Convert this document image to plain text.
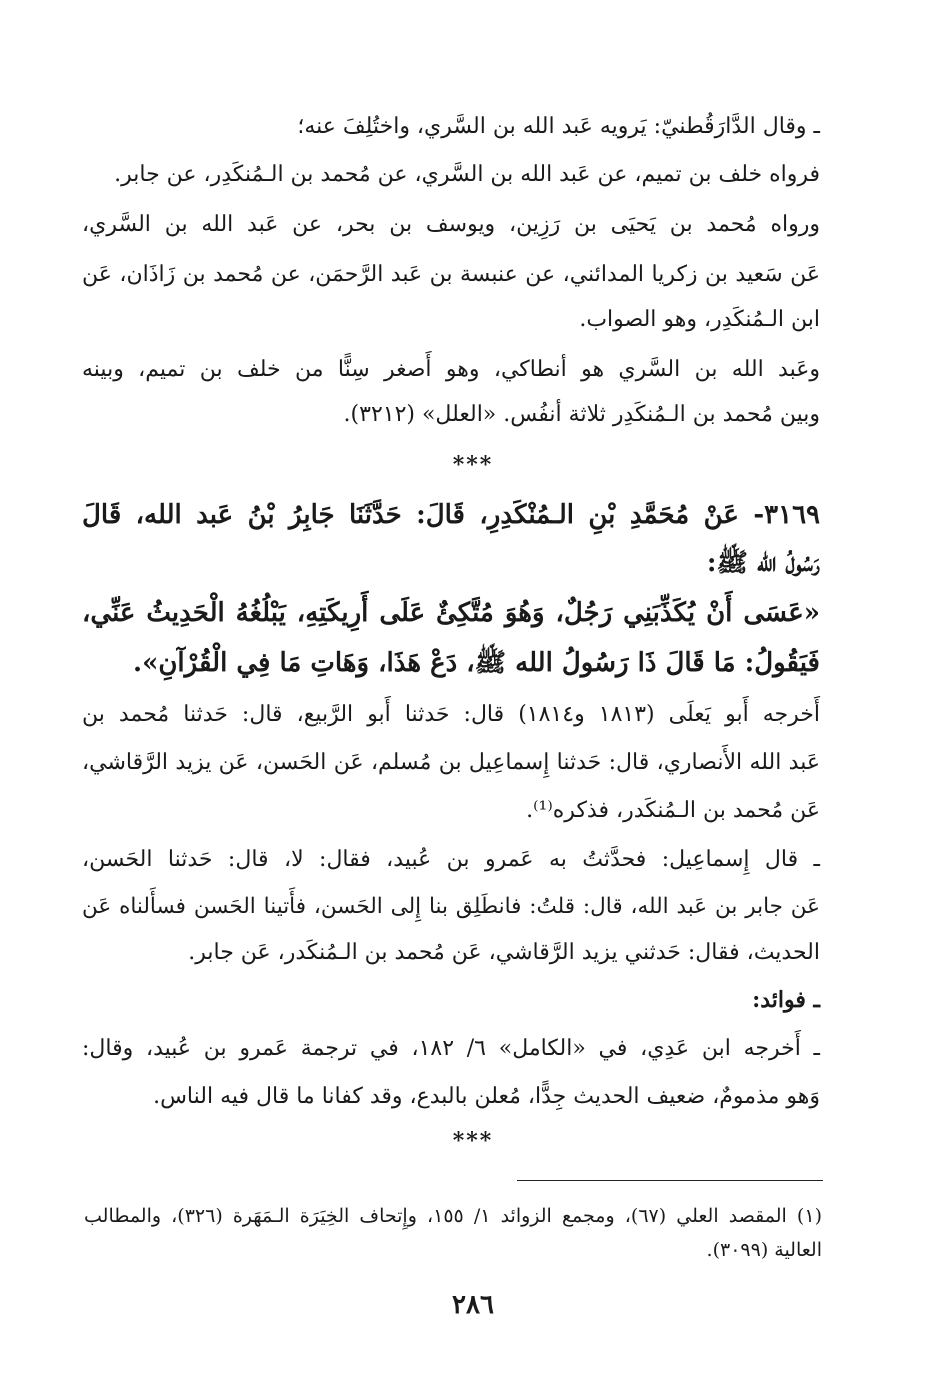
ـ وقال الدَّارَقُطنيّ: يَرويه عَبد الله بن السَّري، واختُلِفَ عنه؛
فرواه خلف بن تميم، عن عَبد الله بن السَّري، عن مُحمد بن الـمُنكَدِر، عن جابر.
ورواه مُحمد بن يَحيَى بن رَزِين، ويوسف بن بحر، عن عَبد الله بن السَّري،
عَن سَعيد بن زكريا المدائني، عن عنبسة بن عَبد الرَّحمَن، عن مُحمد بن زَاذَان، عَن
ابن الـمُنكَدِر، وهو الصواب.
وعَبد الله بن السَّري هو أنطاكي، وهو أَصغر سِنًّا من خلف بن تميم، وبينه
وبين مُحمد بن الـمُنكَدِر ثلاثة أنفُس. «العلل» (٣٢١٢).
***
٣١٦٩- عَنْ مُحَمَّدِ بْنِ الـمُنْكَدِرِ، قَالَ: حَدَّثَنَا جَابِرُ بْنُ عَبد الله، قَالَ
رَسُولُ الله ﷺ:
«عَسَى أَنْ يُكَذِّبَنِي رَجُلٌ، وَهُوَ مُتَّكِئٌ عَلَى أَرِيكَتِهِ، يَبْلُغُهُ الْحَدِيثُ عَنِّي،
فَيَقُولُ: مَا قَالَ ذَا رَسُولُ الله ﷺ، دَعْ هَذَا، وَهَاتِ مَا فِي الْقُرْآنِ».
أَخرجه أَبو يَعلَى (١٨١٣ و١٨١٤) قال: حَدثنا أَبو الرَّبيع، قال: حَدثنا مُحمد بن
عَبد الله الأَنصاري، قال: حَدثنا إِسماعِيل بن مُسلم، عَن الحَسن، عَن يزيد الرَّقاشي،
عَن مُحمد بن الـمُنكَدر، فذكره⁽¹⁾.
ـ قال إِسماعِيل: فحدَّثتُ به عَمرو بن عُبيد، فقال: لا، قال: حَدثنا الحَسن،
عَن جابر بن عَبد الله، قال: قلتُ: فانطَلِق بنا إِلى الحَسن، فأَتينا الحَسن فسأَلناه عَن
الحديث، فقال: حَدثني يزيد الرَّقاشي، عَن مُحمد بن الـمُنكَدر، عَن جابر.
ـ فوائد:
ـ أَخرجه ابن عَدِي، في «الكامل» ٦/ ١٨٢، في ترجمة عَمرو بن عُبيد، وقال:
وَهو مذمومٌ، ضعيف الحديث جِدًّا، مُعلن بالبدع، وقد كفانا ما قال فيه الناس.
***
(١) المقصد العلي (٦٧)، ومجمع الزوائد ١/ ١٥٥، وإِتحاف الخِيَرَة الـمَهَرة (٣٢٦)، والمطالب
العالية (٣٠٩٩).
٢٨٦
